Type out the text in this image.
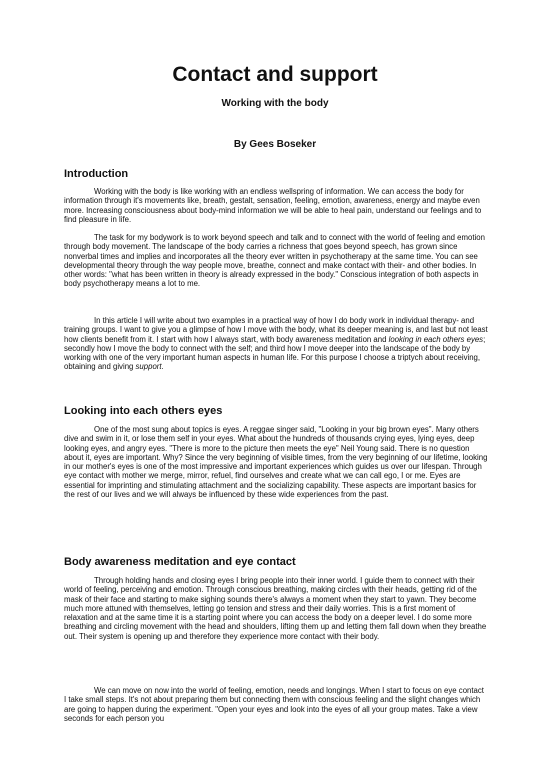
Contact and support
Working with the body
By Gees Boseker
Introduction

Working with the body is like working with an endless wellspring of information. We can access the body for information through it's movements like, breath, gestalt, sensation, feeling, emotion, awareness, energy and maybe even more. Increasing consciousness about body-mind information we will be able to heal pain, understand our feelings and to find pleasure in life.

The task for my bodywork is to work beyond speech and talk and to connect with the world of feeling and emotion through body movement. The landscape of the body carries a richness that goes beyond speech, has grown since nonverbal times and implies and incorporates all the theory ever written in psychotherapy at the same time. You can see developmental theory through the way people move, breathe, connect and make contact with their- and other bodies. In other words: "what has been written in theory is already expressed in the body." Conscious integration of both aspects in body psychotherapy means a lot to me.

In this article I will write about two examples in a practical way of how I do body work in individual therapy- and training groups. I want to give you a glimpse of how I move with the body, what its deeper meaning is, and last but not least how clients benefit from it. I start with how I always start, with body awareness meditation and looking in each others eyes; secondly how I move the body to connect with the self; and third how I move deeper into the landscape of the body by working with one of the very important human aspects in human life. For this purpose I choose a triptych about receiving, obtaining and giving support.

Looking into each others eyes

One of the most sung about topics is eyes. A reggae singer said, "Looking in your big brown eyes". Many others dive and swim in it, or lose them self in your eyes. What about the hundreds of thousands crying eyes, lying eyes, deep looking eyes, and angry eyes. "There is more to the picture then meets the eye" Neil Young said. There is no question about it, eyes are important. Why? Since the very beginning of visible times, from the very beginning of our lifetime, looking in our mother's eyes is one of the most impressive and important experiences which guides us over our lifespan. Through eye contact with mother we merge, mirror, refuel, find ourselves and create what we can call ego, I or me. Eyes are essential for imprinting and stimulating attachment and the socializing capability. These aspects are important basics for the rest of our lives and we will always be influenced by these wide experiences from the past.

Body awareness meditation and eye contact

Through holding hands and closing eyes I bring people into their inner world. I guide them to connect with their world of feeling, perceiving and emotion. Through conscious breathing, making circles with their heads, getting rid of the mask of their face and starting to make sighing sounds there's always a moment when they start to yawn. They become much more attuned with themselves, letting go tension and stress and their daily worries. This is a first moment of relaxation and at the same time it is a starting point where you can access the body on a deeper level. I do some more breathing and circling movement with the head and shoulders, lifting them up and letting them fall down when they breathe out. Their system is opening up and therefore they experience more contact with their body.

We can move on now into the world of feeling, emotion, needs and longings. When I start to focus on eye contact I take small steps. It's not about preparing them but connecting them with conscious feeling and the slight changes which are going to happen during the experiment. "Open your eyes and look into the eyes of all your group mates. Take a view seconds for each person you
